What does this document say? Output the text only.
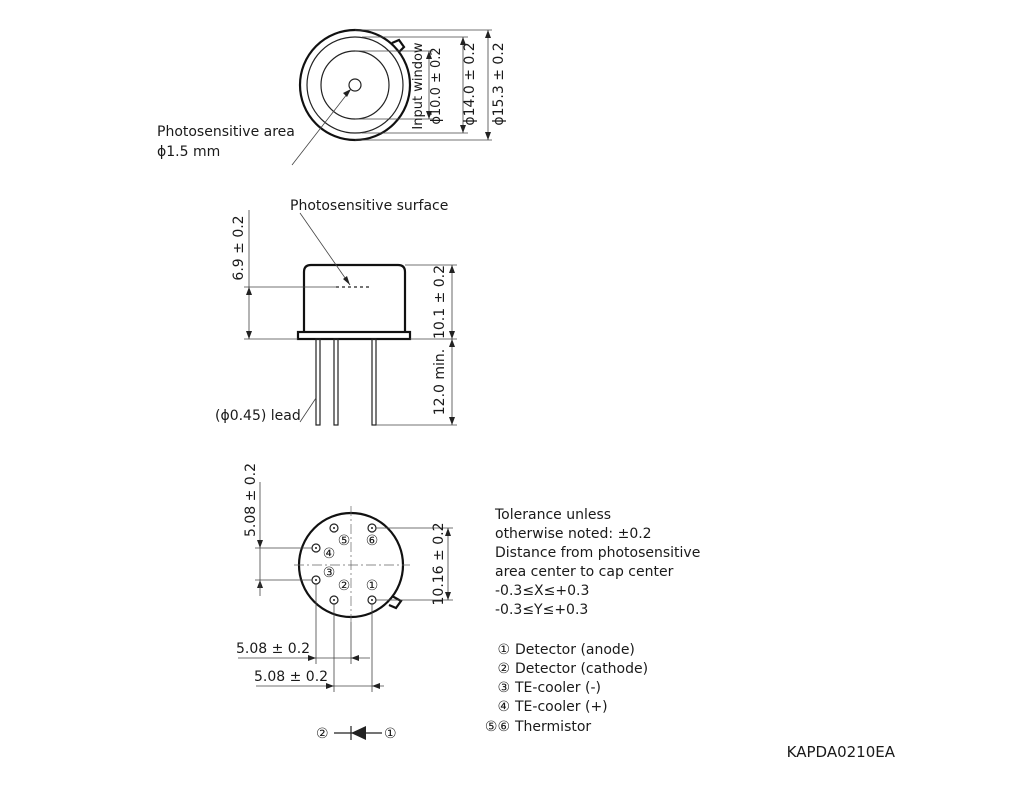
Input window ϕ10.0 ± 0.2 ϕ14.0 ± 0.2 ϕ15.3 ± 0.2
Photosensitive area
ϕ1.5 mm
Photosensitive surface
6.9 ± 0.2
10.1 ± 0.2
12.0 min.
(ϕ0.45) lead
①
②
③
④
⑤ ⑥
5.08 ± 0.2
10.16 ± 0.2
5.08 ± 0.2
5.08 ± 0.2
②	①
Tolerance unless
otherwise noted: ±0.2
Distance from photosensitive
area center to cap center
-0.3≤X≤+0.3
-0.3≤Y≤+0.3
① Detector (anode)
② Detector (cathode)
③ TE-cooler (-)
④ TE-cooler (+)
⑤⑥ Thermistor
KAPDA0210EA
